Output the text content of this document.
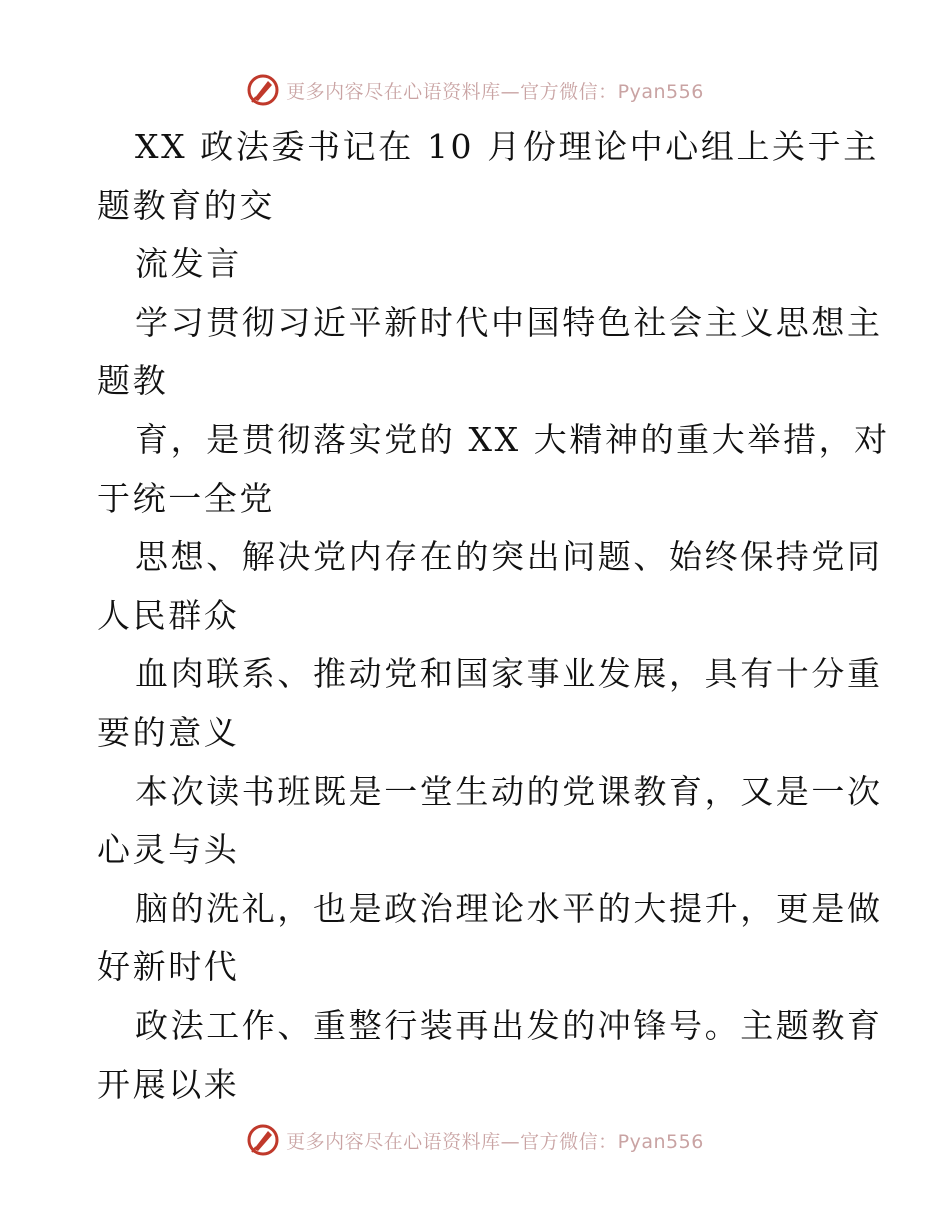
更多内容尽在心语资料库—官方微信：Pyan556
XX 政法委书记在 10 月份理论中心组上关于主
题教育的交
流发言
学习贯彻习近平新时代中国特色社会主义思想主
题教
育，是贯彻落实党的 XX 大精神的重大举措，对
于统一全党
思想、解决党内存在的突出问题、始终保持党同
人民群众
血肉联系、推动党和国家事业发展，具有十分重
要的意义
本次读书班既是一堂生动的党课教育，又是一次
心灵与头
脑的洗礼，也是政治理论水平的大提升，更是做
好新时代
政法工作、重整行装再出发的冲锋号。主题教育
开展以来
更多内容尽在心语资料库—官方微信：Pyan556
